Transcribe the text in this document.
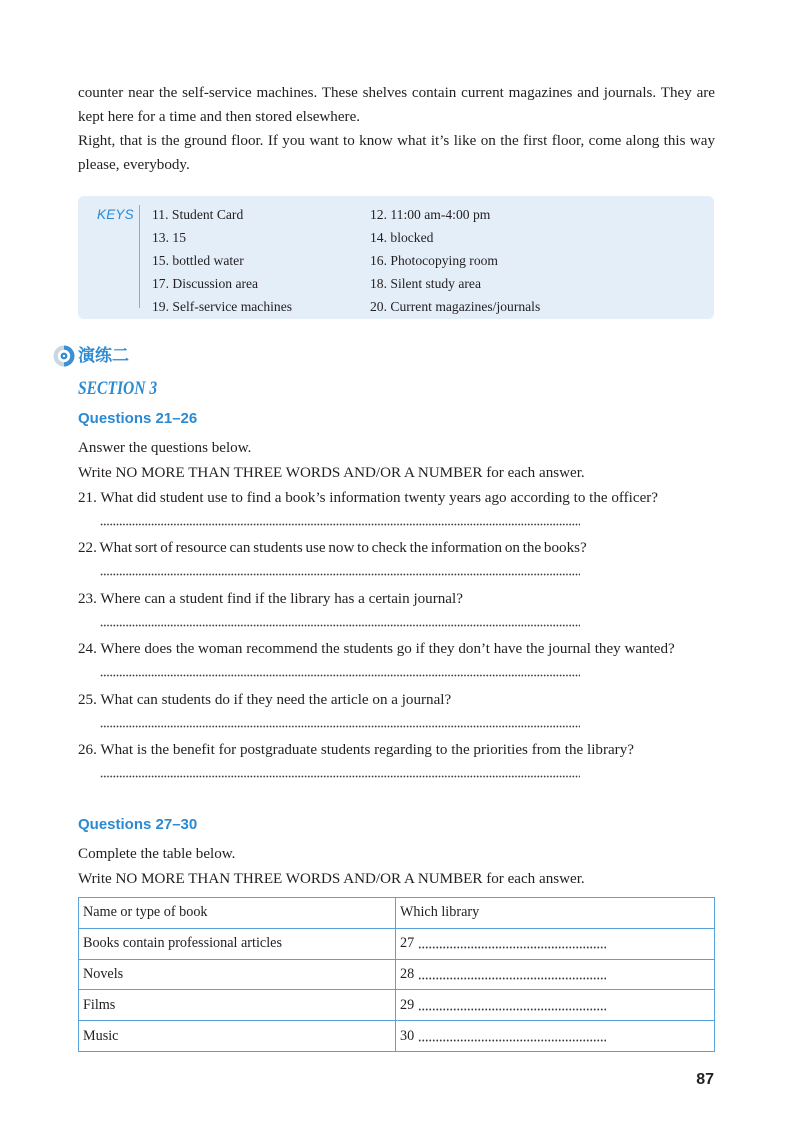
counter near the self-service machines. These shelves contain current magazines and journals. They are kept here for a time and then stored elsewhere.

Right, that is the ground floor. If you want to know what it’s like on the first floor, come along this way please, everybody.

KEYS 11. Student Card	12. 11:00 am-4:00 pm
13. 15	14. blocked
15. bottled water	16. Photocopying room
17. Discussion area	18. Silent study area
19. Self-service machines	20. Current magazines/journals
演练二
SECTION 3
Questions 21–26
Answer the questions below.
Write NO MORE THAN THREE WORDS AND/OR A NUMBER for each answer.
21. What did student use to find a book’s information twenty years ago according to the officer?
22. What sort of resource can students use now to check the information on the books?
23. Where can a student find if the library has a certain journal?
24. Where does the woman recommend the students go if they don’t have the journal they wanted?
25. What can students do if they need the article on a journal?
26. What is the benefit for postgraduate students regarding to the priorities from the library?
Questions 27–30
Complete the table below.
Write NO MORE THAN THREE WORDS AND/OR A NUMBER for each answer.
Name or type of book	Which library
Books contain professional articles	27
Novels	28
Films	29
Music	30
87
